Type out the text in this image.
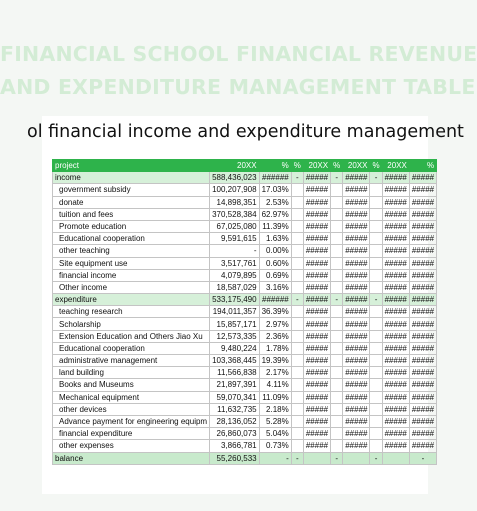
FINANCIAL SCHOOL FINANCIAL REVENUE
AND EXPENDITURE MANAGEMENT TABLE
ol financial income and expenditure management
project	20XX	%	%	20XX	%	20XX	%	20XX	%
income	588,436,023	######	-	#####	-	#####	-	#####	#####
government subsidy	100,207,908	17.03%		#####		#####		#####	#####
donate	14,898,351	2.53%		#####		#####		#####	#####
tuition and fees	370,528,384	62.97%		#####		#####		#####	#####
Promote education	67,025,080	11.39%		#####		#####		#####	#####
Educational cooperation	9,591,615	1.63%		#####		#####		#####	#####
other teaching	-	0.00%		#####		#####		#####	#####
Site equipment use	3,517,761	0.60%		#####		#####		#####	#####
financial income	4,079,895	0.69%		#####		#####		#####	#####
Other income	18,587,029	3.16%		#####		#####		#####	#####
expenditure	533,175,490	######	-	#####	-	#####	-	#####	#####
teaching research	194,011,357	36.39%		#####		#####		#####	#####
Scholarship	15,857,171	2.97%		#####		#####		#####	#####
Extension Education and Others Jiao Xu	12,573,335	2.36%		#####		#####		#####	#####
Educational cooperation	9,480,224	1.78%		#####		#####		#####	#####
administrative management	103,368,445	19.39%		#####		#####		#####	#####
land building	11,566,838	2.17%		#####		#####		#####	#####
Books and Museums	21,897,391	4.11%		#####		#####		#####	#####
Mechanical equipment	59,070,341	11.09%		#####		#####		#####	#####
other devices	11,632,735	2.18%		#####		#####		#####	#####
Advance payment for engineering equipm	28,136,052	5.28%		#####		#####		#####	#####
financial expenditure	26,860,073	5.04%		#####		#####		#####	#####
other expenses	3,866,781	0.73%		#####		#####		#####	#####
balance	55,260,533	-	-		-		-		-
